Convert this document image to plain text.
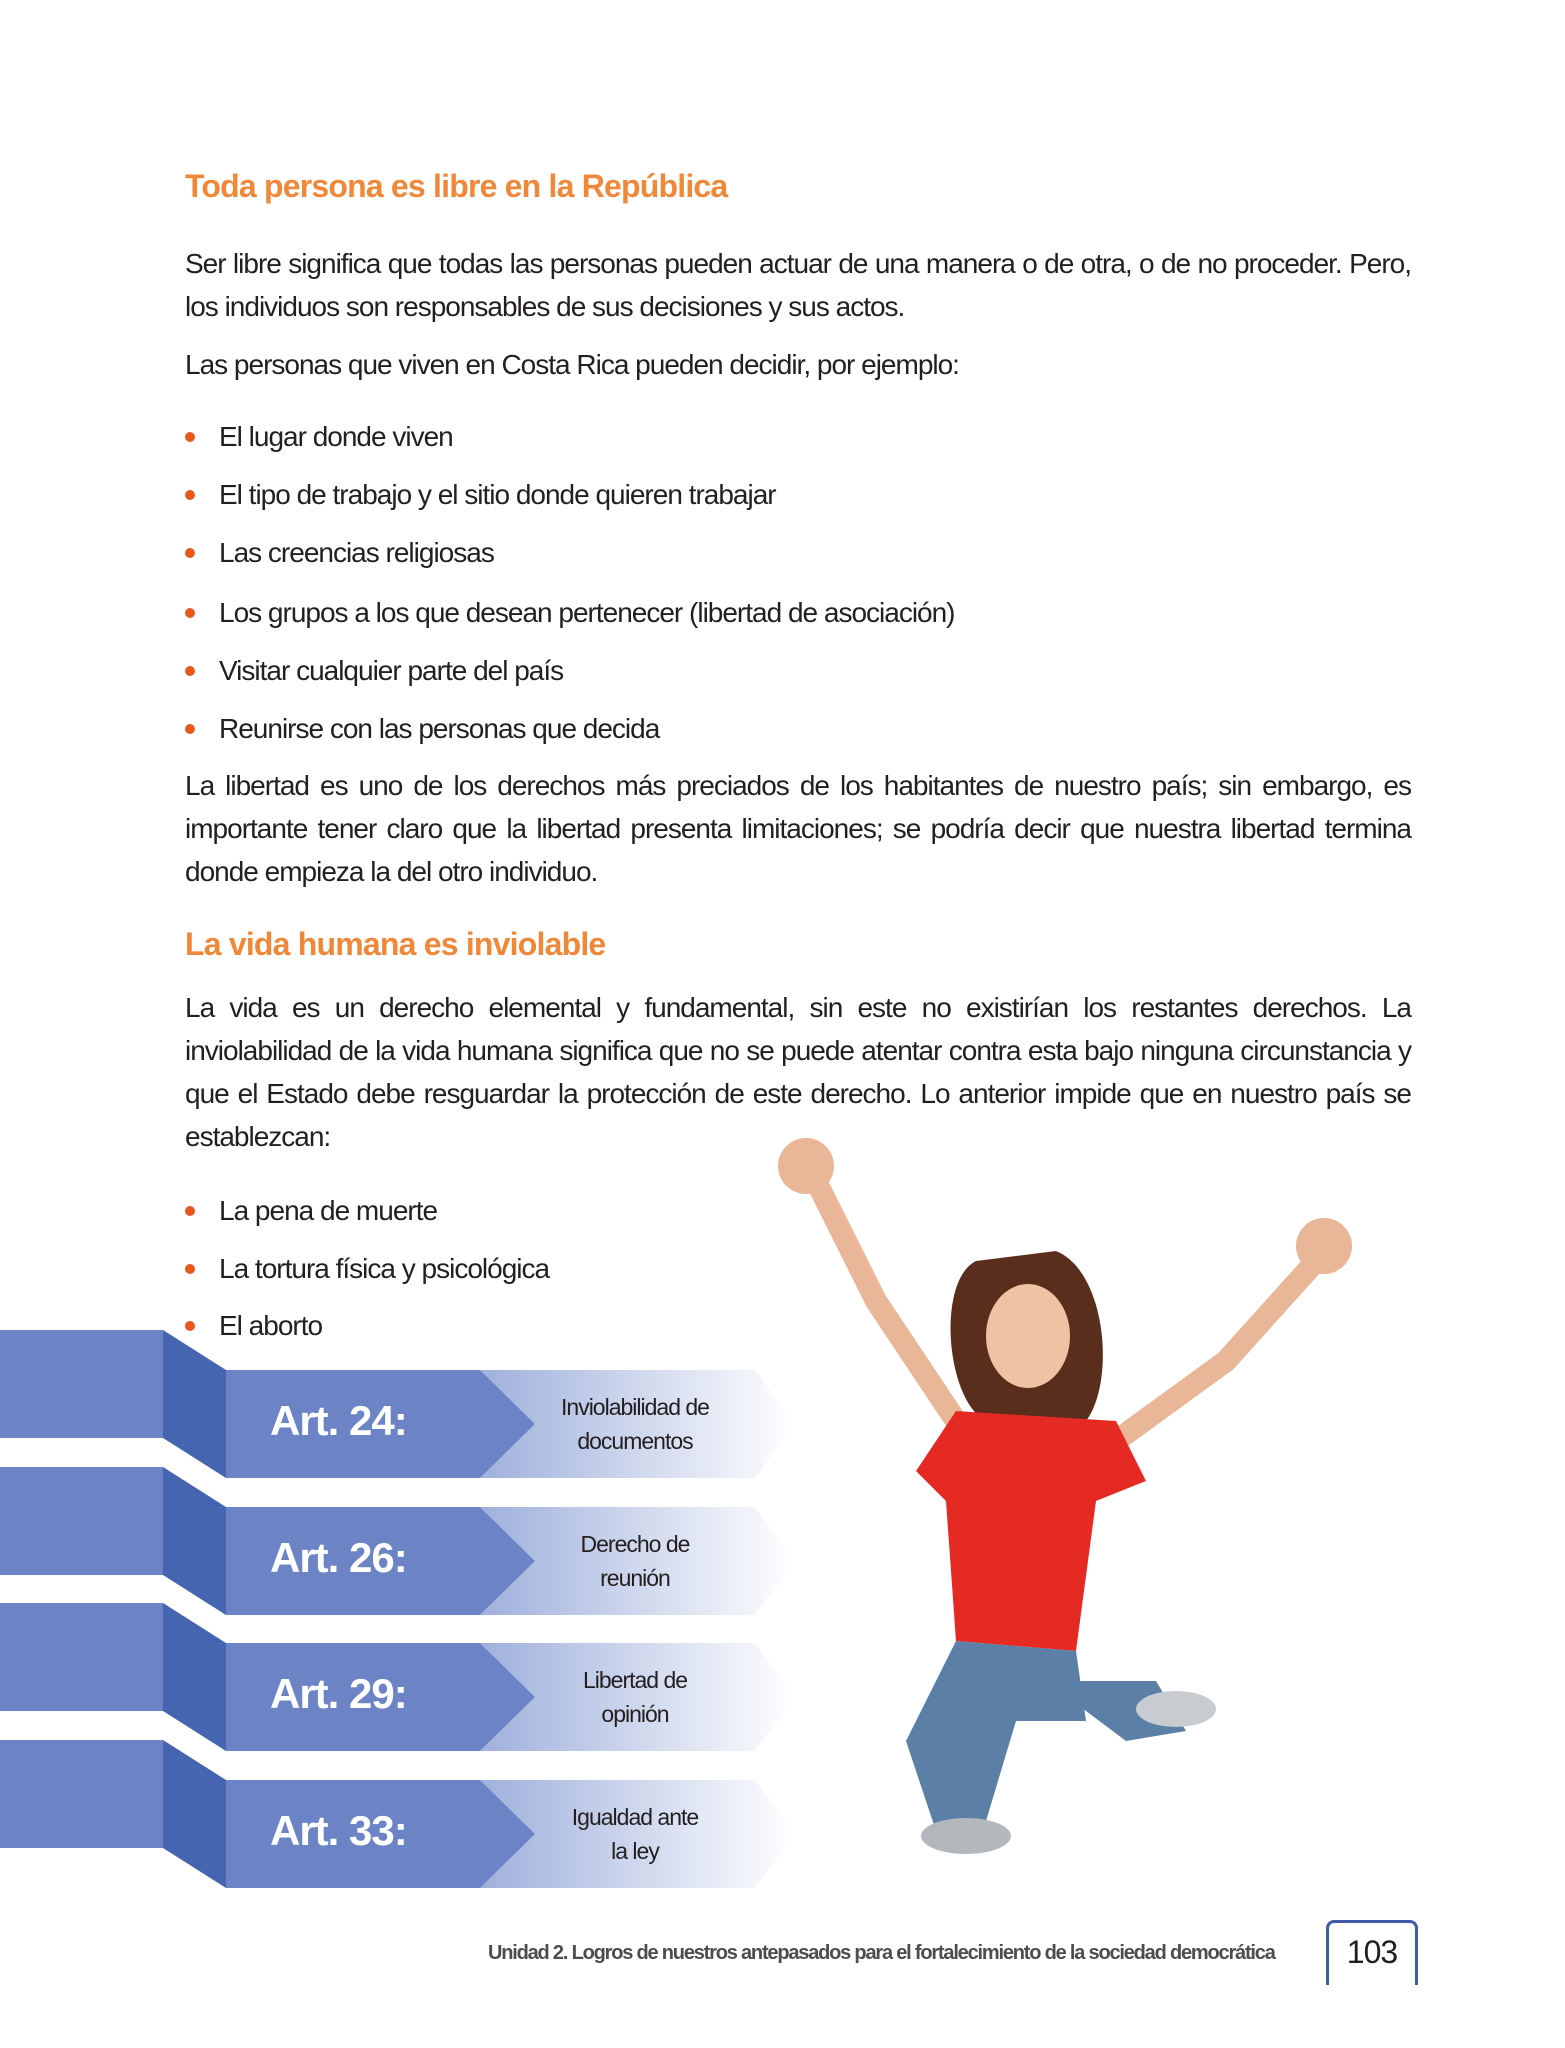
Toda persona es libre en la República

Ser libre significa que todas las personas pueden actuar de una manera o de otra, o de no proceder. Pero, los individuos son responsables de sus decisiones y sus actos.

Las personas que viven en Costa Rica pueden decidir, por ejemplo:

El lugar donde viven
El tipo de trabajo y el sitio donde quieren trabajar
Las creencias religiosas
Los grupos a los que desean pertenecer (libertad de asociación)
Visitar cualquier parte del país
Reunirse con las personas que decida

La libertad es uno de los derechos más preciados de los habitantes de nuestro país; sin embargo, es importante tener claro que la libertad presenta limitaciones; se podría decir que nuestra libertad termina donde empieza la del otro individuo.

La vida humana es inviolable

La vida es un derecho elemental y fundamental, sin este no existirían los restantes derechos. La inviolabilidad de la vida humana significa que no se puede atentar contra esta bajo ninguna circunstancia y que el Estado debe resguardar la protección de este derecho. Lo anterior impide que en nuestro país se establezcan:

La pena de muerte
La tortura física y psicológica
El aborto
Art. 24:	Inviolabilidad de
documentos
Art. 26:	Derecho de
reunión
Art. 29:	Libertad de
opinión
Art. 33:	Igualdad ante
la ley
Unidad 2. Logros de nuestros antepasados para el fortalecimiento de la sociedad democrática	103
